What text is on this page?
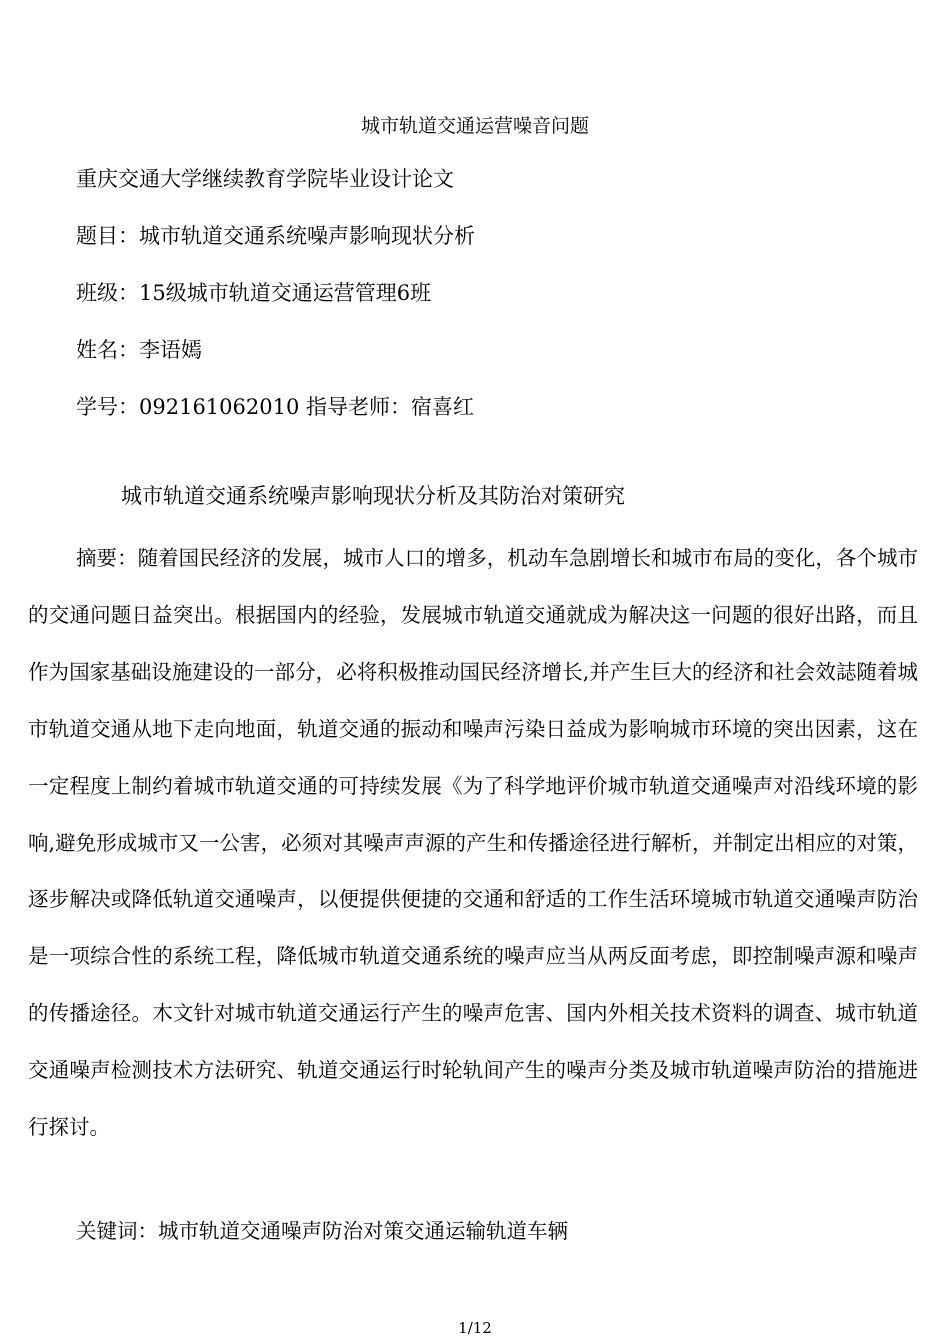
城市轨道交通运营噪音问题
重庆交通大学继续教育学院毕业设计论文
题目：城市轨道交通系统噪声影响现状分析
班级：15级城市轨道交通运营管理6班
姓名：李语嫣
学号：092161062010 指导老师：宿喜红
城市轨道交通系统噪声影响现状分析及其防治对策研究

摘要：随着国民经济的发展，城市人口的增多，机动车急剧增长和城市布局的变化，各个城市的交通问题日益突出。根据国内的经验，发展城市轨道交通就成为解决这一问题的很好出路，而且作为国家基础设施建设的一部分，必将积极推动国民经济增长,并产生巨大的经济和社会效誌随着城市轨道交通从地下走向地面，轨道交通的振动和噪声污染日益成为影响城市环境的突出因素，这在一定程度上制约着城市轨道交通的可持续发展《为了科学地评价城市轨道交通噪声对沿线环境的影响,避免形成城市又一公害，必须对其噪声声源的产生和传播途径进行解析，并制定出相应的对策，逐步解决或降低轨道交通噪声，以便提供便捷的交通和舒适的工作生活环境城市轨道交通噪声防治是一项综合性的系统工程，降低城市轨道交通系统的噪声应当从两反面考虑，即控制噪声源和噪声的传播途径。木文针对城市轨道交通运行产生的噪声危害、国内外相关技术资料的调查、城市轨道交通噪声检测技术方法研究、轨道交通运行时轮轨间产生的噪声分类及城市轨道噪声防治的措施进行探讨。

关键词：城市轨道交通噪声防治对策交通运输轨道车辆
1/12
